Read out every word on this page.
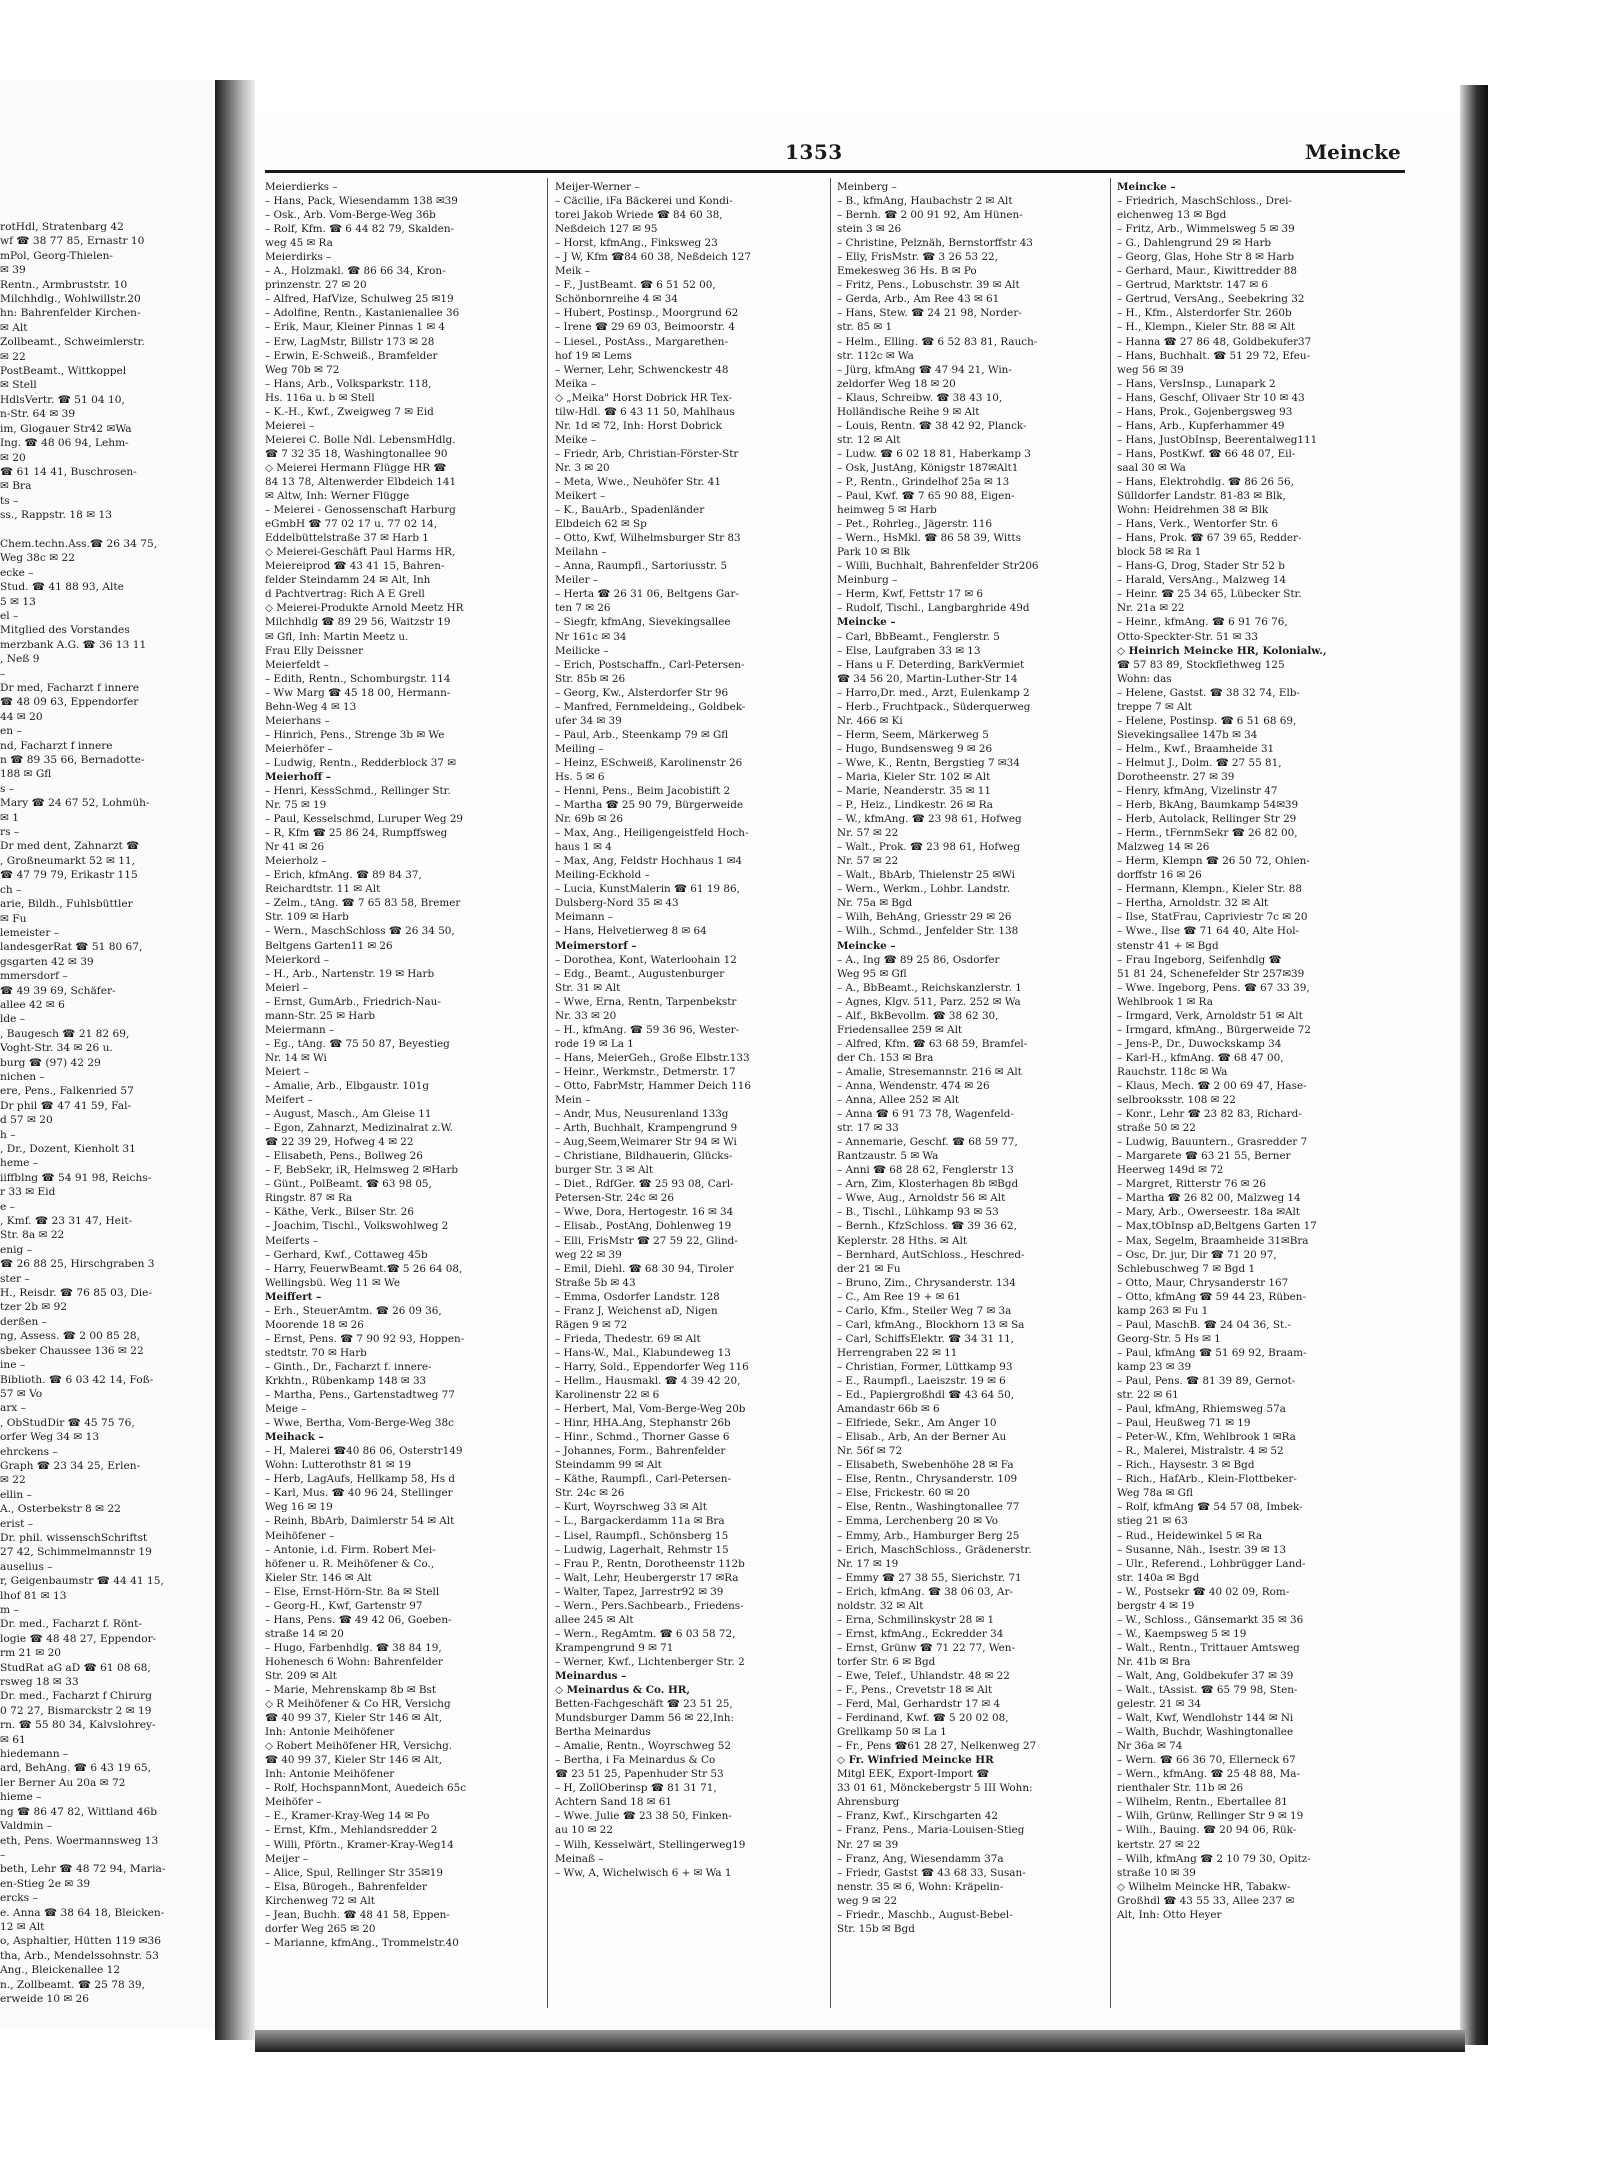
rotHdl, Stratenbarg 42
wf ☎ 38 77 85, Ernastr 10
mPol, Georg-Thielen-
✉ 39
Rentn., Armbruststr. 10
Milchhdlg., Wohlwillstr.20
hn: Bahrenfelder Kirchen-
✉ Alt
Zollbeamt., Schweimlerstr.
✉ 22
PostBeamt., Wittkoppel
✉ Stell
HdlsVertr. ☎ 51 04 10,
n-Str. 64 ✉ 39
im, Glogauer Str42 ✉Wa
Ing. ☎ 48 06 94, Lehm-
✉ 20
☎ 61 14 41, Buschrosen-
✉ Bra
ts –
ss., Rappstr. 18 ✉ 13

Chem.techn.Ass.☎ 26 34 75,
Weg 38c ✉ 22
ecke –
Stud. ☎ 41 88 93, Alte
5 ✉ 13
el –
Mitglied des Vorstandes
merzbank A.G. ☎ 36 13 11
, Neß 9
–
Dr med, Facharzt f innere
☎ 48 09 63, Eppendorfer
44 ✉ 20
en –
nd, Facharzt f innere
n ☎ 89 35 66, Bernadotte-
188 ✉ Gfl
s –
Mary ☎ 24 67 52, Lohmüh-
✉ 1
rs –
Dr med dent, Zahnarzt ☎
, Großneumarkt 52 ✉ 11,
☎ 47 79 79, Erikastr 115
ch –
arie, Bildh., Fuhlsbüttler
✉ Fu
lemeister –
landesgerRat ☎ 51 80 67,
gsgarten 42 ✉ 39
mmersdorf –
☎ 49 39 69, Schäfer-
allee 42 ✉ 6
lde –
, Baugesch ☎ 21 82 69,
Voght-Str. 34 ✉ 26 u.
burg ☎ (97) 42 29
nichen –
ere, Pens., Falkenried 57
Dr phil ☎ 47 41 59, Fal-
d 57 ✉ 20
h –
, Dr., Dozent, Kienholt 31
heme –
iiffblng ☎ 54 91 98, Reichs-
r 33 ✉ Eid
e –
, Kmf. ☎ 23 31 47, Heit-
Str. 8a ✉ 22
enig –
☎ 26 88 25, Hirschgraben 3
ster –
H., Reisdr. ☎ 76 85 03, Die-
tzer 2b ✉ 92
derßen –
ng, Assess. ☎ 2 00 85 28,
sbeker Chaussee 136 ✉ 22
ine –
Biblioth. ☎ 6 03 42 14, Foß-
57 ✉ Vo
arx –
, ObStudDir ☎ 45 75 76,
orfer Weg 34 ✉ 13
ehrckens –
Graph ☎ 23 34 25, Erlen-
✉ 22
ellin –
A., Osterbekstr 8 ✉ 22
erist –
Dr. phil. wissenschSchriftst
27 42, Schimmelmannstr 19
auselius –
r, Geigenbaumstr ☎ 44 41 15,
lhof 81 ✉ 13
m –
Dr. med., Facharzt f. Rönt-
logie ☎ 48 48 27, Eppendor-
rm 21 ✉ 20
StudRat aG aD ☎ 61 08 68,
rsweg 18 ✉ 33
Dr. med., Facharzt f Chirurg
0 72 27, Bismarckstr 2 ✉ 19
rn. ☎ 55 80 34, Kalvslohrey-
✉ 61
hiedemann –
ard, BehAng. ☎ 6 43 19 65,
ler Berner Au 20a ✉ 72
hieme –
ng ☎ 86 47 82, Wittland 46b
Valdmin –
eth, Pens. Woermannsweg 13
–
beth, Lehr ☎ 48 72 94, Maria-
en-Stieg 2e ✉ 39
ercks –
e. Anna ☎ 38 64 18, Bleicken-
12 ✉ Alt
o, Asphaltier, Hütten 119 ✉36
tha, Arb., Mendelssohnstr. 53
Ang., Bleickenallee 12
n., Zollbeamt. ☎ 25 78 39,
erweide 10 ✉ 26
1353	Meincke
Meierdierks –
– Hans, Pack, Wiesendamm 138 ✉39
– Osk., Arb. Vom-Berge-Weg 36b
– Rolf, Kfm. ☎ 6 44 82 79, Skalden-
weg 45 ✉ Ra
Meierdirks –
– A., Holzmakl. ☎ 86 66 34, Kron-
prinzenstr. 27 ✉ 20
– Alfred, HafVize, Schulweg 25 ✉19
– Adolfine, Rentn., Kastanienallee 36
– Erik, Maur, Kleiner Pinnas 1 ✉ 4
– Erw, LagMstr, Billstr 173 ✉ 28
– Erwin, E-Schweiß., Bramfelder
Weg 70b ✉ 72
– Hans, Arb., Volksparkstr. 118,
Hs. 116a u. b ✉ Stell
– K.-H., Kwf., Zweigweg 7 ✉ Eid
Meierei –
Meierei C. Bolle Ndl. LebensmHdlg.
☎ 7 32 35 18, Washingtonallee 90
◇ Meierei Hermann Flügge HR ☎
84 13 78, Altenwerder Elbdeich 141
✉ Altw, Inh: Werner Flügge
– Meierei - Genossenschaft Harburg
eGmbH ☎ 77 02 17 u. 77 02 14,
Eddelbüttelstraße 37 ✉ Harb 1
◇ Meierei-Geschäft Paul Harms HR,
Meiereiprod ☎ 43 41 15, Bahren-
felder Steindamm 24 ✉ Alt, Inh
d Pachtvertrag: Rich A E Grell
◇ Meierei-Produkte Arnold Meetz HR
Milchhdlg ☎ 89 29 56, Waitzstr 19
✉ Gfl, Inh: Martin Meetz u.
Frau Elly Deissner
Meierfeldt –
– Edith, Rentn., Schomburgstr. 114
– Ww Marg ☎ 45 18 00, Hermann-
Behn-Weg 4 ✉ 13
Meierhans –
– Hinrich, Pens., Strenge 3b ✉ We
Meierhöfer –
– Ludwig, Rentn., Redderblock 37 ✉
Meierhoff –
– Henri, KessSchmd., Rellinger Str.
Nr. 75 ✉ 19
– Paul, Kesselschmd, Luruper Weg 29
– R, Kfm ☎ 25 86 24, Rumpffsweg
Nr 41 ✉ 26
Meierholz –
– Erich, kfmAng. ☎ 89 84 37,
Reichardtstr. 11 ✉ Alt
– Zelm., tAng. ☎ 7 65 83 58, Bremer
Str. 109 ✉ Harb
– Wern., MaschSchloss ☎ 26 34 50,
Beltgens Garten11 ✉ 26
Meierkord –
– H., Arb., Nartenstr. 19 ✉ Harb
Meierl –
– Ernst, GumArb., Friedrich-Nau-
mann-Str. 25 ✉ Harb
Meiermann –
– Eg., tAng. ☎ 75 50 87, Beyestieg
Nr. 14 ✉ Wi
Meiert –
– Amalie, Arb., Elbgaustr. 101g
Meifert –
– August, Masch., Am Gleise 11
– Egon, Zahnarzt, Medizinalrat z.W.
☎ 22 39 29, Hofweg 4 ✉ 22
– Elisabeth, Pens., Bollweg 26
– F, BebSekr, iR, Helmsweg 2 ✉Harb
– Günt., PolBeamt. ☎ 63 98 05,
Ringstr. 87 ✉ Ra
– Käthe, Verk., Bilser Str. 26
– Joachim, Tischl., Volkswohlweg 2
Meiferts –
– Gerhard, Kwf., Cottaweg 45b
– Harry, FeuerwBeamt.☎ 5 26 64 08,
Wellingsbü. Weg 11 ✉ We
Meiffert –
– Erh., SteuerAmtm. ☎ 26 09 36,
Moorende 18 ✉ 26
– Ernst, Pens. ☎ 7 90 92 93, Hoppen-
stedtstr. 70 ✉ Harb
– Ginth., Dr., Facharzt f. innere-
Krkhtn., Rübenkamp 148 ✉ 33
– Martha, Pens., Gartenstadtweg 77
Meige –
– Wwe, Bertha, Vom-Berge-Weg 38c
Meihack –
– H, Malerei ☎40 86 06, Osterstr149
Wohn: Lutterothstr 81 ✉ 19
– Herb, LagAufs, Hellkamp 58, Hs d
– Karl, Mus. ☎ 40 96 24, Stellinger
Weg 16 ✉ 19
– Reinh, BbArb, Daimlerstr 54 ✉ Alt
Meihöfener –
– Antonie, i.d. Firm. Robert Mei-
höfener u. R. Meihöfener & Co.,
Kieler Str. 146 ✉ Alt
– Else, Ernst-Hörn-Str. 8a ✉ Stell
– Georg-H., Kwf, Gartenstr 97
– Hans, Pens. ☎ 49 42 06, Goeben-
straße 14 ✉ 20
– Hugo, Farbenhdlg. ☎ 38 84 19,
Hohenesch 6 Wohn: Bahrenfelder
Str. 209 ✉ Alt
– Marie, Mehrenskamp 8b ✉ Bst
◇ R Meihöfener & Co HR, Versichg
☎ 40 99 37, Kieler Str 146 ✉ Alt,
Inh: Antonie Meihöfener
◇ Robert Meihöfener HR, Versichg.
☎ 40 99 37, Kieler Str 146 ✉ Alt,
Inh: Antonie Meihöfener
– Rolf, HochspannMont, Auedeich 65c
Meihöfer –
– E., Kramer-Kray-Weg 14 ✉ Po
– Ernst, Kfm., Mehlandsredder 2
– Willi, Pförtn., Kramer-Kray-Weg14
Meijer –
– Alice, Spul, Rellinger Str 35✉19
– Elsa, Bürogeh., Bahrenfelder
Kirchenweg 72 ✉ Alt
– Jean, Buchh. ☎ 48 41 58, Eppen-
dorfer Weg 265 ✉ 20
– Marianne, kfmAng., Trommelstr.40
Meijer-Werner –
– Cäcilie, iFa Bäckerei und Kondi-
torei Jakob Wriede ☎ 84 60 38,
Neßdeich 127 ✉ 95
– Horst, kfmAng., Finksweg 23
– J W, Kfm ☎84 60 38, Neßdeich 127
Meik –
– F., JustBeamt. ☎ 6 51 52 00,
Schönbornreihe 4 ✉ 34
– Hubert, Postinsp., Moorgrund 62
– Irene ☎ 29 69 03, Beimoorstr. 4
– Liesel., PostAss., Margarethen-
hof 19 ✉ Lems
– Werner, Lehr, Schwenckestr 48
Meika –
◇ „Meika" Horst Dobrick HR Tex-
tilw-Hdl. ☎ 6 43 11 50, Mahlhaus
Nr. 1d ✉ 72, Inh: Horst Dobrick
Meike –
– Friedr, Arb, Christian-Förster-Str
Nr. 3 ✉ 20
– Meta, Wwe., Neuhöfer Str. 41
Meikert –
– K., BauArb., Spadenländer
Elbdeich 62 ✉ Sp
– Otto, Kwf, Wilhelmsburger Str 83
Meilahn –
– Anna, Raumpfl., Sartoriusstr. 5
Meiler –
– Herta ☎ 26 31 06, Beltgens Gar-
ten 7 ✉ 26
– Siegfr, kfmAng, Sievekingsallee
Nr 161c ✉ 34
Meilicke –
– Erich, Postschaffn., Carl-Petersen-
Str. 85b ✉ 26
– Georg, Kw., Alsterdorfer Str 96
– Manfred, Fernmeldeing., Goldbek-
ufer 34 ✉ 39
– Paul, Arb., Steenkamp 79 ✉ Gfl
Meiling –
– Heinz, ESchweiß, Karolinenstr 26
Hs. 5 ✉ 6
– Henni, Pens., Beim Jacobistift 2
– Martha ☎ 25 90 79, Bürgerweide
Nr. 69b ✉ 26
– Max, Ang., Heiligengeistfeld Hoch-
haus 1 ✉ 4
– Max, Ang, Feldstr Hochhaus 1 ✉4
Meiling-Eckhold –
– Lucia, KunstMalerin ☎ 61 19 86,
Dulsberg-Nord 35 ✉ 43
Meimann –
– Hans, Helvetierweg 8 ✉ 64
Meimerstorf –
– Dorothea, Kont, Waterloohain 12
– Edg., Beamt., Augustenburger
Str. 31 ✉ Alt
– Wwe, Erna, Rentn, Tarpenbekstr
Nr. 33 ✉ 20
– H., kfmAng. ☎ 59 36 96, Wester-
rode 19 ✉ La 1
– Hans, MeierGeh., Große Elbstr.133
– Heinr., Werkmstr., Detmerstr. 17
– Otto, FabrMstr, Hammer Deich 116
Mein –
– Andr, Mus, Neusurenland 133g
– Arth, Buchhalt, Krampengrund 9
– Aug,Seem,Weimarer Str 94 ✉ Wi
– Christiane, Bildhauerin, Glücks-
burger Str. 3 ✉ Alt
– Diet., RdfGer. ☎ 25 93 08, Carl-
Petersen-Str. 24c ✉ 26
– Wwe, Dora, Hertogestr. 16 ✉ 34
– Elisab., PostAng, Dohlenweg 19
– Elli, FrisMstr ☎ 27 59 22, Glind-
weg 22 ✉ 39
– Emil, Diehl. ☎ 68 30 94, Tiroler
Straße 5b ✉ 43
– Emma, Osdorfer Landstr. 128
– Franz J, Weichenst aD, Nigen
Rägen 9 ✉ 72
– Frieda, Thedestr. 69 ✉ Alt
– Hans-W., Mal., Klabundeweg 13
– Harry, Sold., Eppendorfer Weg 116
– Hellm., Hausmakl. ☎ 4 39 42 20,
Karolinenstr 22 ✉ 6
– Herbert, Mal, Vom-Berge-Weg 20b
– Hinr, HHA.Ang, Stephanstr 26b
– Hinr., Schmd., Thorner Gasse 6
– Johannes, Form., Bahrenfelder
Steindamm 99 ✉ Alt
– Käthe, Raumpfl., Carl-Petersen-
Str. 24c ✉ 26
– Kurt, Woyrschweg 33 ✉ Alt
– L., Bargackerdamm 11a ✉ Bra
– Lisel, Raumpfl., Schönsberg 15
– Ludwig, Lagerhalt, Rehmstr 15
– Frau P., Rentn, Dorotheenstr 112b
– Walt, Lehr, Heubergerstr 17 ✉Ra
– Walter, Tapez, Jarrestr92 ✉ 39
– Wern., Pers.Sachbearb., Friedens-
allee 245 ✉ Alt
– Wern., RegAmtm. ☎ 6 03 58 72,
Krampengrund 9 ✉ 71
– Werner, Kwf., Lichtenberger Str. 2
Meinardus –
◇ Meinardus & Co. HR,
Betten-Fachgeschäft ☎ 23 51 25,
Mundsburger Damm 56 ✉ 22,Inh:
Bertha Meinardus
– Amalie, Rentn., Woyrschweg 52
– Bertha, i Fa Meinardus & Co
☎ 23 51 25, Papenhuder Str 53
– H, ZollOberinsp ☎ 81 31 71,
Achtern Sand 18 ✉ 61
– Wwe. Julie ☎ 23 38 50, Finken-
au 10 ✉ 22
– Wilh, Kesselwärt, Stellingerweg19
Meinaß –
– Ww, A, Wichelwisch 6 + ✉ Wa 1
Meinberg –
– B., kfmAng, Haubachstr 2 ✉ Alt
– Bernh. ☎ 2 00 91 92, Am Hünen-
stein 3 ✉ 26
– Christine, Pelznäh, Bernstorffstr 43
– Elly, FrisMstr. ☎ 3 26 53 22,
Emekesweg 36 Hs. B ✉ Po
– Fritz, Pens., Lobuschstr. 39 ✉ Alt
– Gerda, Arb., Am Ree 43 ✉ 61
– Hans, Stew. ☎ 24 21 98, Norder-
str. 85 ✉ 1
– Helm., Elling. ☎ 6 52 83 81, Rauch-
str. 112c ✉ Wa
– Jürg, kfmAng ☎ 47 94 21, Win-
zeldorfer Weg 18 ✉ 20
– Klaus, Schreibw. ☎ 38 43 10,
Holländische Reihe 9 ✉ Alt
– Louis, Rentn. ☎ 38 42 92, Planck-
str. 12 ✉ Alt
– Ludw. ☎ 6 02 18 81, Haberkamp 3
– Osk, JustAng, Königstr 187✉Alt1
– P., Rentn., Grindelhof 25a ✉ 13
– Paul, Kwf. ☎ 7 65 90 88, Eigen-
heimweg 5 ✉ Harb
– Pet., Rohrleg., Jägerstr. 116
– Wern., HsMkl. ☎ 86 58 39, Witts
Park 10 ✉ Blk
– Willi, Buchhalt, Bahrenfelder Str206
Meinburg –
– Herm, Kwf, Fettstr 17 ✉ 6
– Rudolf, Tischl., Langbarghride 49d
Meincke –
– Carl, BbBeamt., Fenglerstr. 5
– Else, Laufgraben 33 ✉ 13
– Hans u F. Deterding, BarkVermiet
☎ 34 56 20, Martin-Luther-Str 14
– Harro,Dr. med., Arzt, Eulenkamp 2
– Herb., Fruchtpack., Süderquerweg
Nr. 466 ✉ Ki
– Herm, Seem, Märkerweg 5
– Hugo, Bundsensweg 9 ✉ 26
– Wwe, K., Rentn, Bergstieg 7 ✉34
– Maria, Kieler Str. 102 ✉ Alt
– Marie, Neanderstr. 35 ✉ 11
– P., Heiz., Lindkestr. 26 ✉ Ra
– W., kfmAng. ☎ 23 98 61, Hofweg
Nr. 57 ✉ 22
– Walt., Prok. ☎ 23 98 61, Hofweg
Nr. 57 ✉ 22
– Walt., BbArb, Thielenstr 25 ✉Wi
– Wern., Werkm., Lohbr. Landstr.
Nr. 75a ✉ Bgd
– Wilh, BehAng, Griesstr 29 ✉ 26
– Wilh., Schmd., Jenfelder Str. 138
Meincke –
– A., Ing ☎ 89 25 86, Osdorfer
Weg 95 ✉ Gfl
– A., BbBeamt., Reichskanzlerstr. 1
– Agnes, Klgv. 511, Parz. 252 ✉ Wa
– Alf., BkBevollm. ☎ 38 62 30,
Friedensallee 259 ✉ Alt
– Alfred, Kfm. ☎ 63 68 59, Bramfel-
der Ch. 153 ✉ Bra
– Amalie, Stresemannstr. 216 ✉ Alt
– Anna, Wendenstr. 474 ✉ 26
– Anna, Allee 252 ✉ Alt
– Anna ☎ 6 91 73 78, Wagenfeld-
str. 17 ✉ 33
– Annemarie, Geschf. ☎ 68 59 77,
Rantzaustr. 5 ✉ Wa
– Anni ☎ 68 28 62, Fenglerstr 13
– Arn, Zim, Klosterhagen 8b ✉Bgd
– Wwe, Aug., Arnoldstr 56 ✉ Alt
– B., Tischl., Lühkamp 93 ✉ 53
– Bernh., KfzSchloss. ☎ 39 36 62,
Keplerstr. 28 Hths. ✉ Alt
– Bernhard, AutSchloss., Heschred-
der 21 ✉ Fu
– Bruno, Zim., Chrysanderstr. 134
– C., Am Ree 19 + ✉ 61
– Carlo, Kfm., Steiler Weg 7 ✉ 3a
– Carl, kfmAng., Blockhorn 13 ✉ Sa
– Carl, SchiffsElektr. ☎ 34 31 11,
Herrengraben 22 ✉ 11
– Christian, Former, Lüttkamp 93
– E., Raumpfl., Laeiszstr. 19 ✉ 6
– Ed., Papiergroßhdl ☎ 43 64 50,
Amandastr 66b ✉ 6
– Elfriede, Sekr., Am Anger 10
– Elisab., Arb, An der Berner Au
Nr. 56f ✉ 72
– Elisabeth, Swebenhöhe 28 ✉ Fa
– Else, Rentn., Chrysanderstr. 109
– Else, Frickestr. 60 ✉ 20
– Else, Rentn., Washingtonallee 77
– Emma, Lerchenberg 20 ✉ Vo
– Emmy, Arb., Hamburger Berg 25
– Erich, MaschSchloss., Grädenerstr.
Nr. 17 ✉ 19
– Emmy ☎ 27 38 55, Sierichstr. 71
– Erich, kfmAng. ☎ 38 06 03, Ar-
noldstr. 32 ✉ Alt
– Erna, Schmilinskystr 28 ✉ 1
– Ernst, kfmAng., Eckredder 34
– Ernst, Grünw ☎ 71 22 77, Wen-
torfer Str. 6 ✉ Bgd
– Ewe, Telef., Uhlandstr. 48 ✉ 22
– F., Pens., Crevetstr 18 ✉ Alt
– Ferd, Mal, Gerhardstr 17 ✉ 4
– Ferdinand, Kwf. ☎ 5 20 02 08,
Grellkamp 50 ✉ La 1
– Fr., Pens ☎61 28 27, Nelkenweg 27
◇ Fr. Winfried Meincke HR
Mitgl EEK, Export-Import ☎
33 01 61, Mönckebergstr 5 III Wohn:
Ahrensburg
– Franz, Kwf., Kirschgarten 42
– Franz, Pens., Maria-Louisen-Stieg
Nr. 27 ✉ 39
– Franz, Ang, Wiesendamm 37a
– Friedr, Gastst ☎ 43 68 33, Susan-
nenstr. 35 ✉ 6, Wohn: Kräpelin-
weg 9 ✉ 22
– Friedr., Maschb., August-Bebel-
Str. 15b ✉ Bgd
Meincke –
– Friedrich, MaschSchloss., Drei-
eichenweg 13 ✉ Bgd
– Fritz, Arb., Wimmelsweg 5 ✉ 39
– G., Dahlengrund 29 ✉ Harb
– Georg, Glas, Hohe Str 8 ✉ Harb
– Gerhard, Maur., Kiwittredder 88
– Gertrud, Marktstr. 147 ✉ 6
– Gertrud, VersAng., Seebekring 32
– H., Kfm., Alsterdorfer Str. 260b
– H., Klempn., Kieler Str. 88 ✉ Alt
– Hanna ☎ 27 86 48, Goldbekufer37
– Hans, Buchhalt. ☎ 51 29 72, Efeu-
weg 56 ✉ 39
– Hans, VersInsp., Lunapark 2
– Hans, Geschf, Olivaer Str 10 ✉ 43
– Hans, Prok., Gojenbergsweg 93
– Hans, Arb., Kupferhammer 49
– Hans, JustObInsp, Beerentalweg111
– Hans, PostKwf. ☎ 66 48 07, Eil-
saal 30 ✉ Wa
– Hans, Elektrohdlg. ☎ 86 26 56,
Sülldorfer Landstr. 81-83 ✉ Blk,
Wohn: Heidrehmen 38 ✉ Blk
– Hans, Verk., Wentorfer Str. 6
– Hans, Prok. ☎ 67 39 65, Redder-
block 58 ✉ Ra 1
– Hans-G, Drog, Stader Str 52 b
– Harald, VersAng., Malzweg 14
– Heinr. ☎ 25 34 65, Lübecker Str.
Nr. 21a ✉ 22
– Heinr., kfmAng. ☎ 6 91 76 76,
Otto-Speckter-Str. 51 ✉ 33
◇ Heinrich Meincke HR, Kolonialw.,
☎ 57 83 89, Stockflethweg 125
Wohn: das
– Helene, Gastst. ☎ 38 32 74, Elb-
treppe 7 ✉ Alt
– Helene, Postinsp. ☎ 6 51 68 69,
Sievekingsallee 147b ✉ 34
– Helm., Kwf., Braamheide 31
– Helmut J., Dolm. ☎ 27 55 81,
Dorotheenstr. 27 ✉ 39
– Henry, kfmAng, Vizelinstr 47
– Herb, BkAng, Baumkamp 54✉39
– Herb, Autolack, Rellinger Str 29
– Herm., tFernmSekr ☎ 26 82 00,
Malzweg 14 ✉ 26
– Herm, Klempn ☎ 26 50 72, Ohlen-
dorffstr 16 ✉ 26
– Hermann, Klempn., Kieler Str. 88
– Hertha, Arnoldstr. 32 ✉ Alt
– Ilse, StatFrau, Capriviestr 7c ✉ 20
– Wwe., Ilse ☎ 71 64 40, Alte Hol-
stenstr 41 + ✉ Bgd
– Frau Ingeborg, Seifenhdlg ☎
51 81 24, Schenefelder Str 257✉39
– Wwe. Ingeborg, Pens. ☎ 67 33 39,
Wehlbrook 1 ✉ Ra
– Irmgard, Verk, Arnoldstr 51 ✉ Alt
– Irmgard, kfmAng., Bürgerweide 72
– Jens-P., Dr., Duwockskamp 34
– Karl-H., kfmAng. ☎ 68 47 00,
Rauchstr. 118c ✉ Wa
– Klaus, Mech. ☎ 2 00 69 47, Hase-
selbrooksstr. 108 ✉ 22
– Konr., Lehr ☎ 23 82 83, Richard-
straße 50 ✉ 22
– Ludwig, Bauuntern., Grasredder 7
– Margarete ☎ 63 21 55, Berner
Heerweg 149d ✉ 72
– Margret, Ritterstr 76 ✉ 26
– Martha ☎ 26 82 00, Malzweg 14
– Mary, Arb., Owerseestr. 18a ✉Alt
– Max,tObInsp aD,Beltgens Garten 17
– Max, Segelm, Braamheide 31✉Bra
– Osc, Dr. jur, Dir ☎ 71 20 97,
Schlebuschweg 7 ✉ Bgd 1
– Otto, Maur, Chrysanderstr 167
– Otto, kfmAng ☎ 59 44 23, Rüben-
kamp 263 ✉ Fu 1
– Paul, MaschB. ☎ 24 04 36, St.-
Georg-Str. 5 Hs ✉ 1
– Paul, kfmAng ☎ 51 69 92, Braam-
kamp 23 ✉ 39
– Paul, Pens. ☎ 81 39 89, Gernot-
str. 22 ✉ 61
– Paul, kfmAng, Rhiemsweg 57a
– Paul, Heußweg 71 ✉ 19
– Peter-W., Kfm, Wehlbrook 1 ✉Ra
– R., Malerei, Mistralstr. 4 ✉ 52
– Rich., Haysestr. 3 ✉ Bgd
– Rich., HafArb., Klein-Flottbeker-
Weg 78a ✉ Gfl
– Rolf, kfmAng ☎ 54 57 08, Imbek-
stieg 21 ✉ 63
– Rud., Heidewinkel 5 ✉ Ra
– Susanne, Näh., Isestr. 39 ✉ 13
– Ulr., Referend., Lohbrügger Land-
str. 140a ✉ Bgd
– W., Postsekr ☎ 40 02 09, Rom-
bergstr 4 ✉ 19
– W., Schloss., Gänsemarkt 35 ✉ 36
– W., Kaempsweg 5 ✉ 19
– Walt., Rentn., Trittauer Amtsweg
Nr. 41b ✉ Bra
– Walt, Ang, Goldbekufer 37 ✉ 39
– Walt., tAssist. ☎ 65 79 98, Sten-
gelestr. 21 ✉ 34
– Walt, Kwf, Wendlohstr 144 ✉ Ni
– Walth, Buchdr, Washingtonallee
Nr 36a ✉ 74
– Wern. ☎ 66 36 70, Ellerneck 67
– Wern., kfmAng. ☎ 25 48 88, Ma-
rienthaler Str. 11b ✉ 26
– Wilhelm, Rentn., Ebertallee 81
– Wilh, Grünw, Rellinger Str 9 ✉ 19
– Wilh., Bauing. ☎ 20 94 06, Rük-
kertstr. 27 ✉ 22
– Wilh, kfmAng ☎ 2 10 79 30, Opitz-
straße 10 ✉ 39
◇ Wilhelm Meincke HR, Tabakw-
Großhdl ☎ 43 55 33, Allee 237 ✉
Alt, Inh: Otto Heyer
